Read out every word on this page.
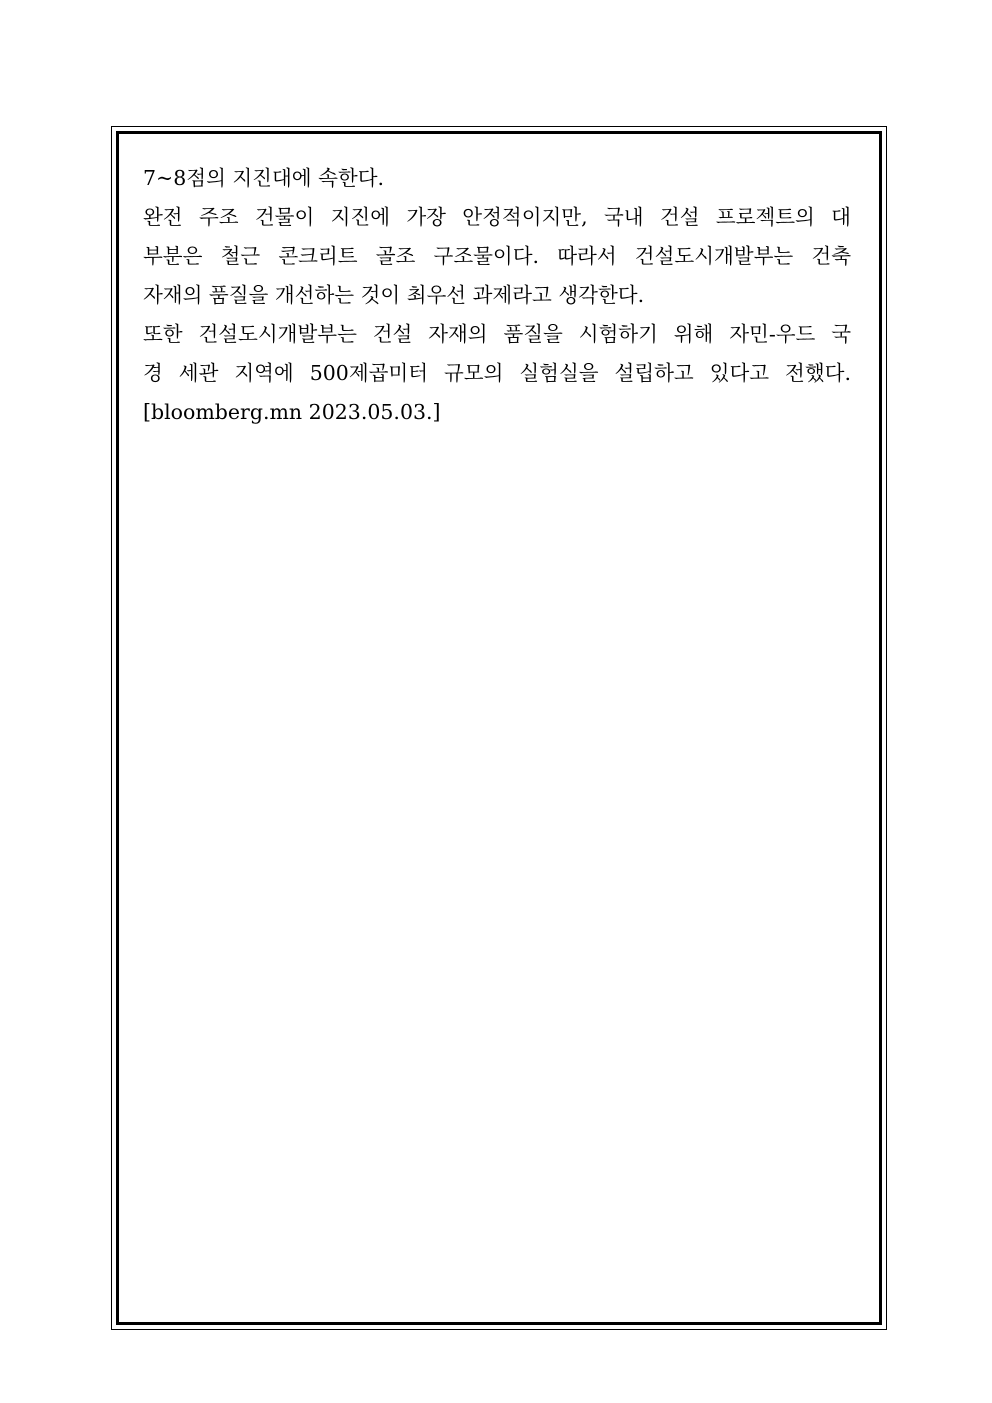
7~8점의 지진대에 속한다.
완전 주조 건물이 지진에 가장 안정적이지만, 국내 건설 프로젝트의 대
부분은 철근 콘크리트 골조 구조물이다. 따라서 건설도시개발부는 건축
자재의 품질을 개선하는 것이 최우선 과제라고 생각한다.
또한 건설도시개발부는 건설 자재의 품질을 시험하기 위해 자민-우드 국
경 세관 지역에 500제곱미터 규모의 실험실을 설립하고 있다고 전했다.
[bloomberg.mn 2023.05.03.]
